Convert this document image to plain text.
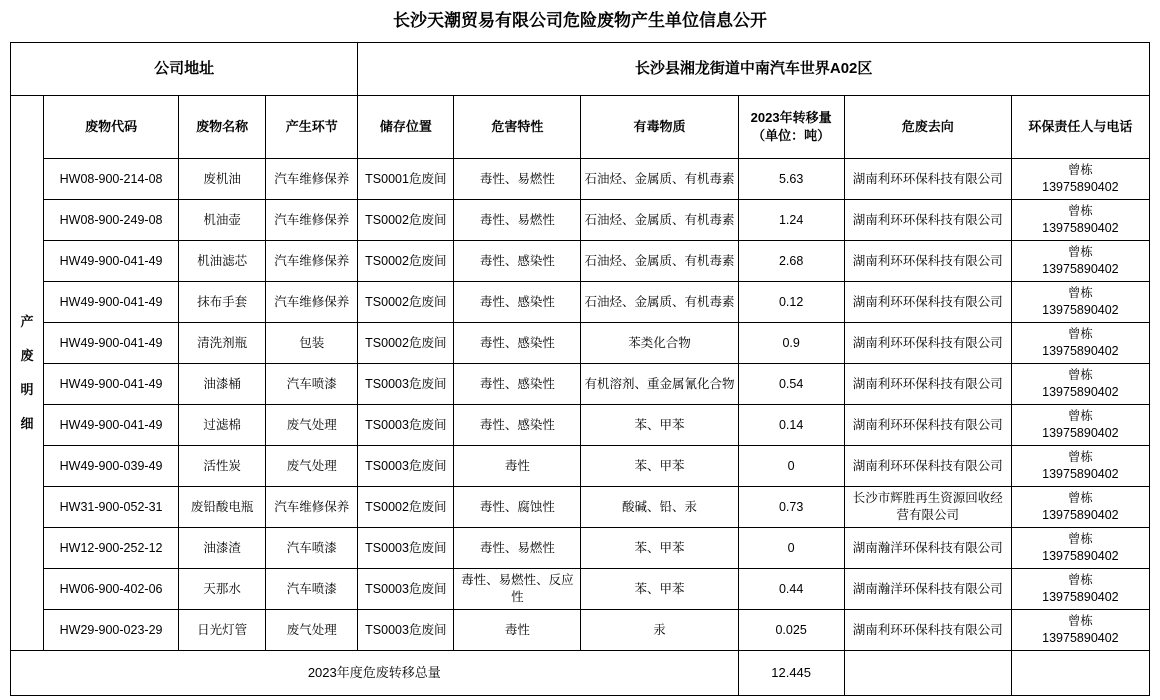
长沙天潮贸易有限公司危险废物产生单位信息公开
公司地址				长沙县湘龙街道中南汽车世界A02区					

产废明细	废物代码	废物名称	产生环节	储存位置	危害特性	有毒物质	2023年转移量
（单位：吨）	危废去向	环保责任人与电话
	HW08-900-214-08	废机油	汽车维修保养	TS0001危废间	毒性、易燃性	石油烃、金属质、有机毒素	5.63	湖南利环环保科技有限公司	曾栋
13975890402

	HW08-900-249-08	机油壶	汽车维修保养	TS0002危废间	毒性、易燃性	石油烃、金属质、有机毒素	1.24	湖南利环环保科技有限公司	曾栋
13975890402

	HW49-900-041-49	机油滤芯	汽车维修保养	TS0002危废间	毒性、感染性	石油烃、金属质、有机毒素	2.68	湖南利环环保科技有限公司	曾栋
13975890402

	HW49-900-041-49	抹布手套	汽车维修保养	TS0002危废间	毒性、感染性	石油烃、金属质、有机毒素	0.12	湖南利环环保科技有限公司	曾栋
13975890402

	HW49-900-041-49	清洗剂瓶	包装	TS0002危废间	毒性、感染性	苯类化合物	0.9	湖南利环环保科技有限公司	曾栋
13975890402

	HW49-900-041-49	油漆桶	汽车喷漆	TS0003危废间	毒性、感染性	有机溶剂、重金属氰化合物	0.54	湖南利环环保科技有限公司	曾栋
13975890402

	HW49-900-041-49	过滤棉	废气处理	TS0003危废间	毒性、感染性	苯、甲苯	0.14	湖南利环环保科技有限公司	曾栋
13975890402

	HW49-900-039-49	活性炭	废气处理	TS0003危废间	毒性	苯、甲苯	0	湖南利环环保科技有限公司	曾栋
13975890402

	HW31-900-052-31	废铅酸电瓶	汽车维修保养	TS0002危废间	毒性、腐蚀性	酸碱、铅、汞	0.73	长沙市辉胜再生资源回收经营有限公司	曾栋
13975890402

	HW12-900-252-12	油漆渣	汽车喷漆	TS0003危废间	毒性、易燃性	苯、甲苯	0	湖南瀚洋环保科技有限公司	曾栋
13975890402

	HW06-900-402-06	天那水	汽车喷漆	TS0003危废间	毒性、易燃性、反应性	苯、甲苯	0.44	湖南瀚洋环保科技有限公司	曾栋
13975890402

	HW29-900-023-29	日光灯管	废气处理	TS0003危废间	毒性	汞	0.025	湖南利环环保科技有限公司	曾栋
13975890402

2023年度危废转移总量							12.445		
